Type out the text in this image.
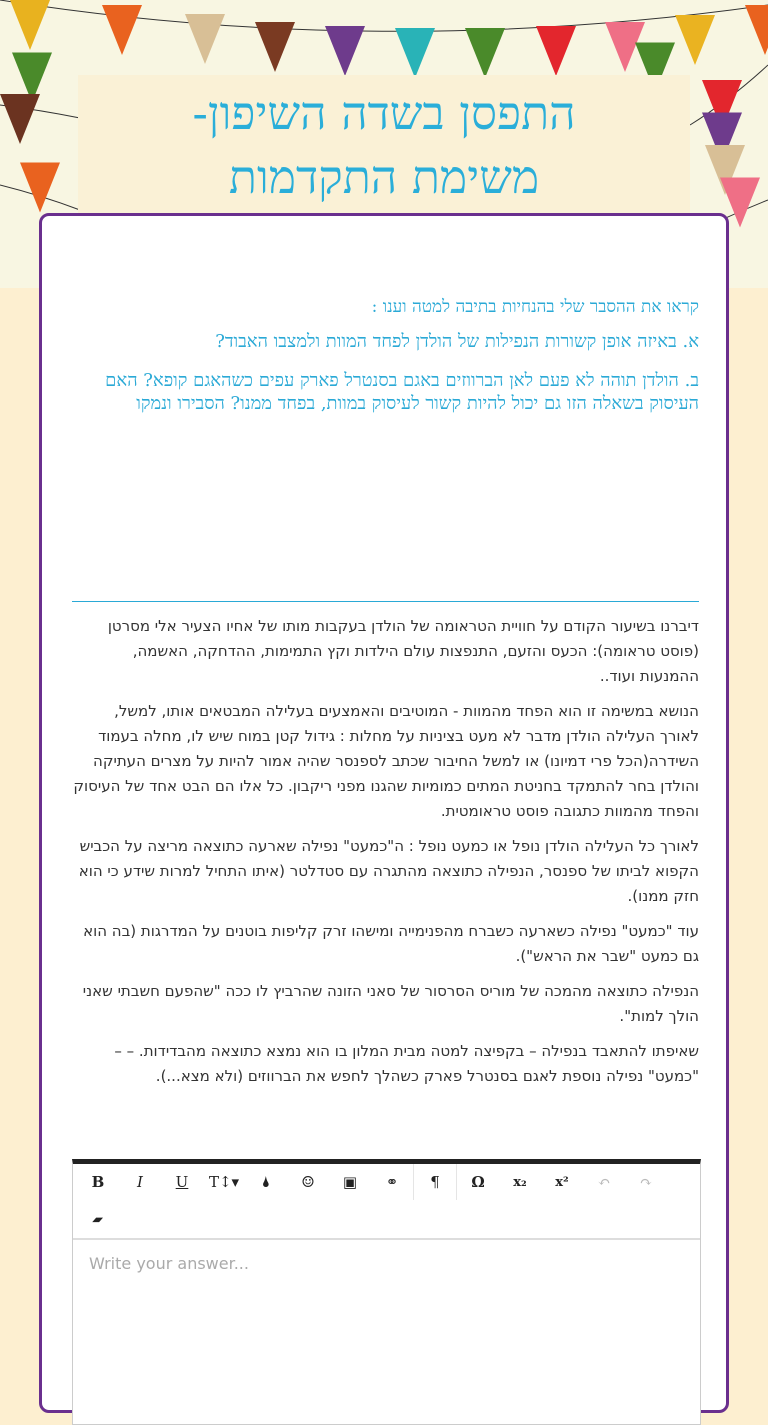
התפסן בשדה השיפון-
משימת התקדמות
קראו את ההסבר שלי בהנחיות בתיבה למטה וענו :
א. באיזה אופן קשורות הנפילות של הולדן לפחד המוות ולמצבו האבוד?
ב. הולדן תוהה לא פעם לאן הברווזים באגם בסנטרל פארק עפים כשהאגם קופא? האם העיסוק בשאלה הזו גם יכול להיות קשור לעיסוק במוות, בפחד ממנו? הסבירו ונמקו

דיברנו בשיעור הקודם על חוויית הטראומה של הולדן בעקבות מותו של אחיו הצעיר אלי מסרטן (פוסט טראומה): הכעס והזעם, התנפצות עולם הילדות וקץ התמימות, ההדחקה, האשמה, ההמנעות ועוד..

הנושא במשימה זו הוא הפחד מהמוות - המוטיבים והאמצעים בעלילה המבטאים אותו, למשל, לאורך העלילה הולדן מדבר לא מעט בציניות על מחלות : גידול קטן במוח שיש לו, מחלה בעמוד השידרה(הכל פרי דמיונו) או למשל החיבור שכתב לספנסר שהיה אמור להיות על מצרים העתיקה והולדן בחר להתמקד בחניטת המתים כמומיות שהגנו מפני ריקבון. כל אלו הם הבט אחד של העיסוק והפחד מהמוות כתגובה פוסט טראומטית.

לאורך כל העלילה הולדן נופל או כמעט נופל : ה"כמעט" נפילה שארעה כתוצאה מריצה על הכביש הקפוא לביתו של ספנסר, הנפילה כתוצאה מהתגרה עם סטדלטר (איתו התחיל למרות שידע כי הוא חזק ממנו).

עוד "כמעט" נפילה כשארעה כשברח מהפנימייה ומישהו זרק קליפות בוטנים על המדרגות (בה הוא גם כמעט "שבר את הראש").

הנפילה כתוצאה מהמכה של מוריס הסרסור של סאני הזונה שהרביץ לו ככה "שהפעם חשבתי שאני הולך למות".

שאיפתו להתאבד בנפילה – בקפיצה למטה מבית המלון בו הוא נמצא כתוצאה מהבדידות. – – "כמעט" נפילה נוספת לאגם בסנטרל פארק כשהלך לחפש את הברווזים (ולא מצא...).

B	I	U	T↕▾	🌢	☺	▣	⚭	¶	Ω	x₂	x²	↶	↷
▰
Write your answer...
